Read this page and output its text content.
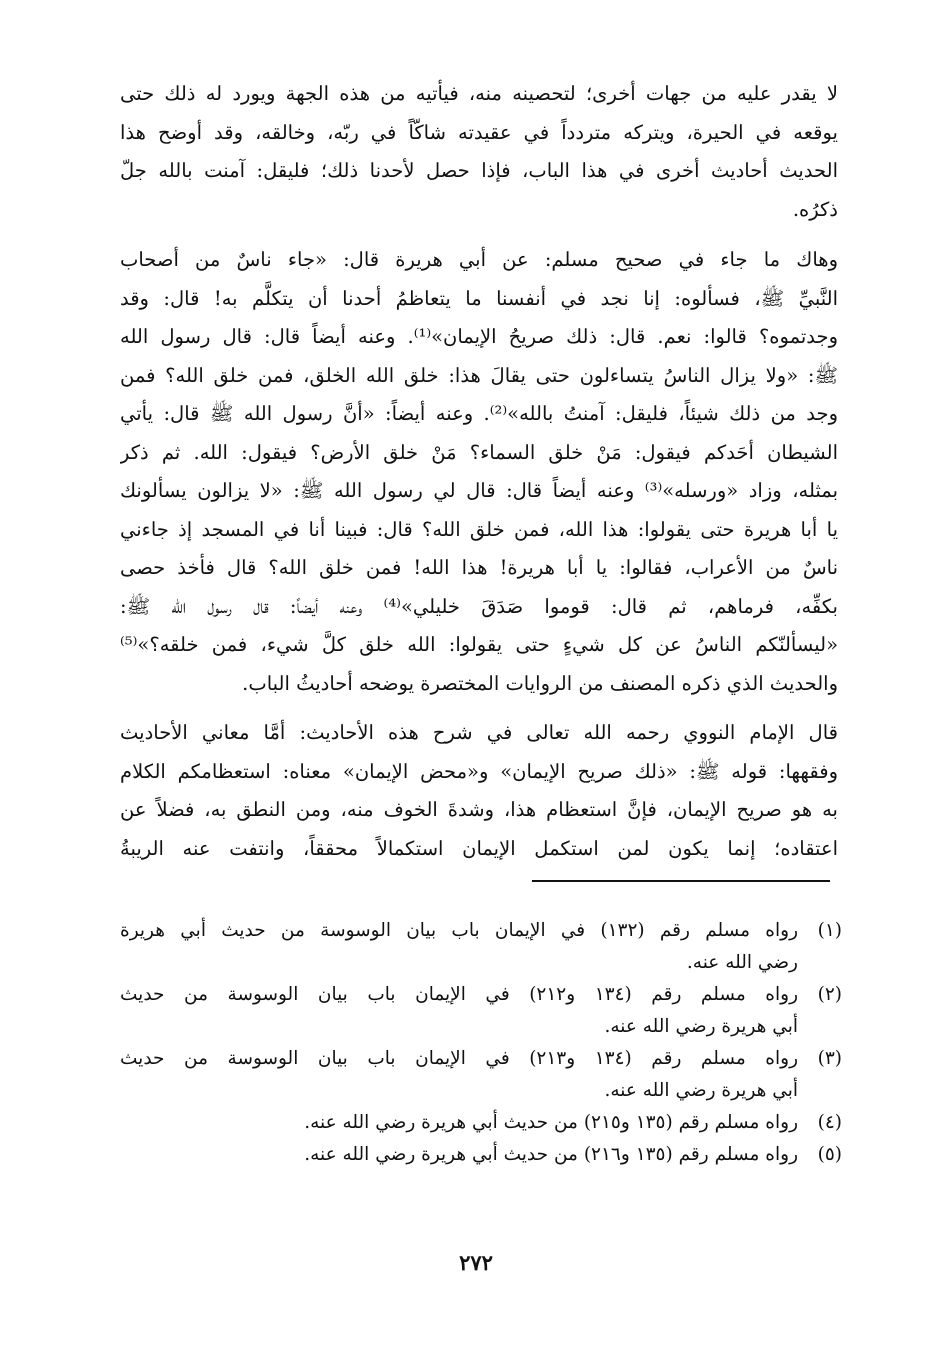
لا يقدر عليه من جهات أخرى؛ لتحصينه منه، فيأتيه من هذه الجهة ويورد له ذلك حتى
يوقعه في الحيرة، ويتركه متردداً في عقيدته شاكّاً في ربّه، وخالقه، وقد أوضح هذا
الحديث أحاديث أخرى في هذا الباب، فإذا حصل لأحدنا ذلك؛ فليقل: آمنت بالله جلّ
ذكرُه.
وهاك ما جاء في صحيح مسلم: عن أبي هريرة قال: «جاء ناسٌ من أصحاب
النَّبيِّ ﷺ، فسألوه: إنا نجد في أنفسنا ما يتعاظمُ أحدنا أن يتكلَّم به! قال: وقد
وجدتموه؟ قالوا: نعم. قال: ذلك صريحُ الإيمان»⁽¹⁾. وعنه أيضاً قال: قال رسول الله
ﷺ: «ولا يزال الناسُ يتساءلون حتى يقالَ هذا: خلق الله الخلق، فمن خلق الله؟ فمن
وجد من ذلك شيئاً، فليقل: آمنتُ بالله»⁽²⁾. وعنه أيضاً: «أنَّ رسول الله ﷺ قال: يأتي
الشيطان أحَدكم فيقول: مَنْ خلق السماء؟ مَنْ خلق الأرض؟ فيقول: الله. ثم ذكر
بمثله، وزاد «ورسله»⁽³⁾ وعنه أيضاً قال: قال لي رسول الله ﷺ: «لا يزالون يسألونك
يا أبا هريرة حتى يقولوا: هذا الله، فمن خلق الله؟ قال: فبينا أنا في المسجد إذ جاءني
ناسٌ من الأعراب، فقالوا: يا أبا هريرة! هذا الله! فمن خلق الله؟ قال فأخذ حصى
بكفِّه، فرماهم، ثم قال: قوموا صَدَقَ خليلي»⁽⁴⁾ وعنه أيضاً: قال رسول الله ﷺ:
«ليسألنّكم الناسُ عن كل شيءٍ حتى يقولوا: الله خلق كلَّ شيء، فمن خلقه؟»⁽⁵⁾
والحديث الذي ذكره المصنف من الروايات المختصرة يوضحه أحاديثُ الباب.
قال الإمام النووي رحمه الله تعالى في شرح هذه الأحاديث: أمَّا معاني الأحاديث
وفقهها: قوله ﷺ: «ذلك صريح الإيمان» و«محض الإيمان» معناه: استعظامكم الكلام
به هو صريح الإيمان، فإنَّ استعظام هذا، وشدةَ الخوف منه، ومن النطق به، فضلاً عن
اعتقاده؛ إنما يكون لمن استكمل الإيمان استكمالاً محققاً، وانتفت عنه الريبةُ
(١)
رواه مسلم رقم (١٣٢) في الإيمان باب بيان الوسوسة من حديث أبي هريرة
رضي الله عنه.
(٢)
رواه مسلم رقم (١٣٤ و٢١٢) في الإيمان باب بيان الوسوسة من حديث
أبي هريرة رضي الله عنه.
(٣)
رواه مسلم رقم (١٣٤ و٢١٣) في الإيمان باب بيان الوسوسة من حديث
أبي هريرة رضي الله عنه.
(٤)
رواه مسلم رقم (١٣٥ و٢١٥) من حديث أبي هريرة رضي الله عنه.
(٥)
رواه مسلم رقم (١٣٥ و٢١٦) من حديث أبي هريرة رضي الله عنه.
٢٧٢
